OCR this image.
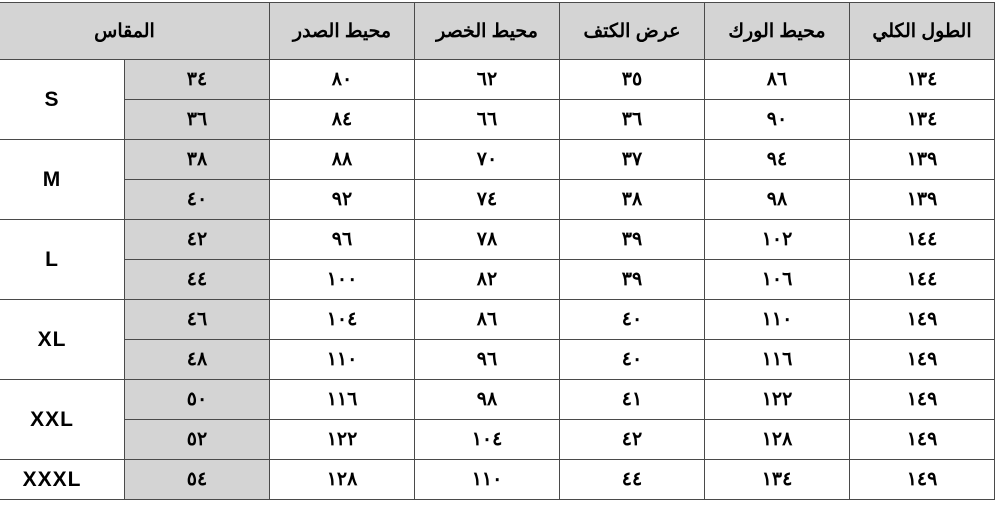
الطول الكلي	محيط الورك	عرض الكتف	محيط الخصر	محيط الصدر	المقاس	
١٣٤	٨٦	٣٥	٦٢	٨٠	٣٤	S
١٣٤	٩٠	٣٦	٦٦	٨٤	٣٦	
١٣٩	٩٤	٣٧	٧٠	٨٨	٣٨	M
١٣٩	٩٨	٣٨	٧٤	٩٢	٤٠	
١٤٤	١٠٢	٣٩	٧٨	٩٦	٤٢	L
١٤٤	١٠٦	٣٩	٨٢	١٠٠	٤٤	
١٤٩	١١٠	٤٠	٨٦	١٠٤	٤٦	XL
١٤٩	١١٦	٤٠	٩٦	١١٠	٤٨	
١٤٩	١٢٢	٤١	٩٨	١١٦	٥٠	XXL
١٤٩	١٢٨	٤٢	١٠٤	١٢٢	٥٢	
١٤٩	١٣٤	٤٤	١١٠	١٢٨	٥٤	XXXL
